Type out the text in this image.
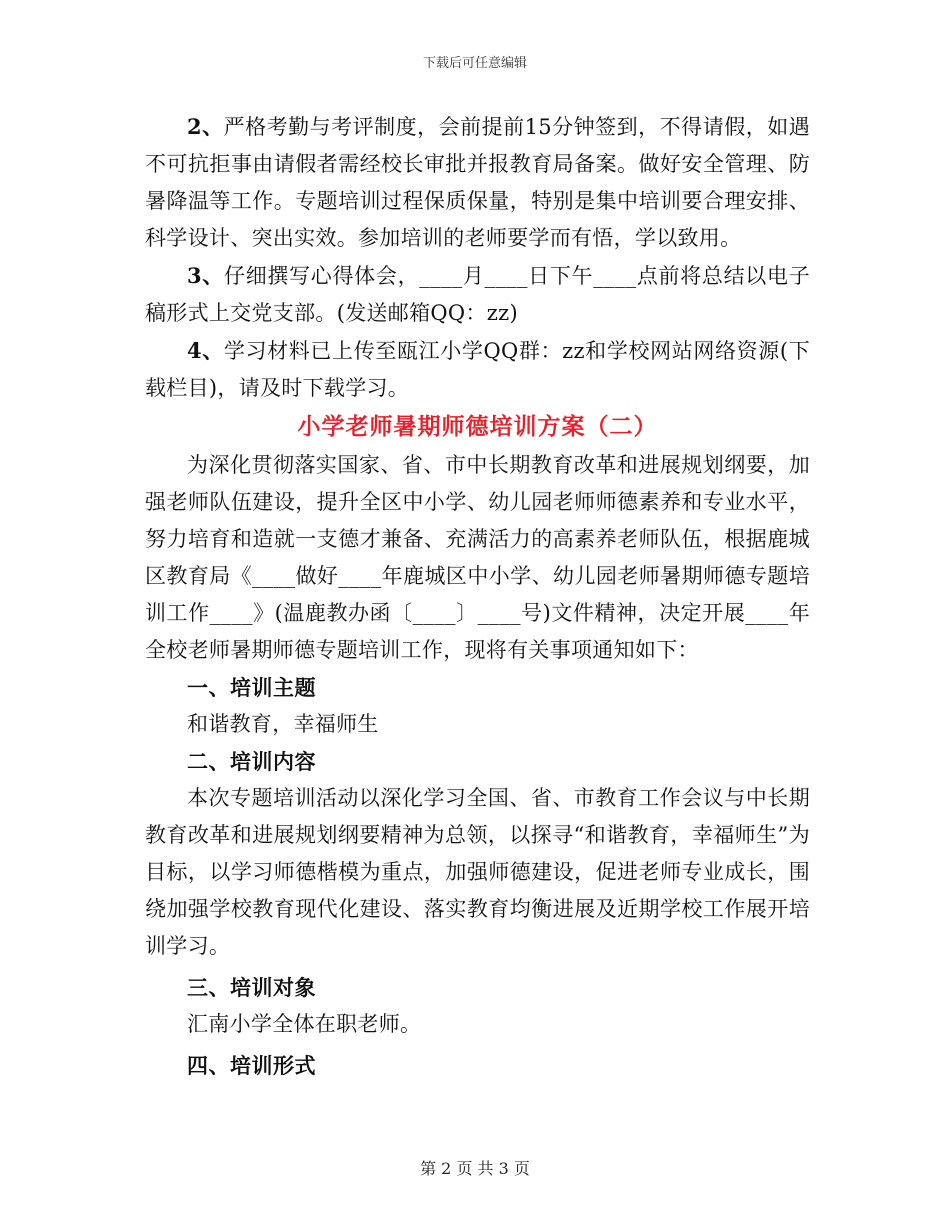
下载后可任意编辑

2、严格考勤与考评制度，会前提前15分钟签到，不得请假，如遇不可抗拒事由请假者需经校长审批并报教育局备案。做好安全管理、防暑降温等工作。专题培训过程保质保量，特别是集中培训要合理安排、科学设计、突出实效。参加培训的老师要学而有悟，学以致用。

3、仔细撰写心得体会，____月____日下午____点前将总结以电子稿形式上交党支部。(发送邮箱QQ：zz)

4、学习材料已上传至瓯江小学QQ群：zz和学校网站网络资源(下载栏目)，请及时下载学习。

小学老师暑期师德培训方案（二）

为深化贯彻落实国家、省、市中长期教育改革和进展规划纲要，加强老师队伍建设，提升全区中小学、幼儿园老师师德素养和专业水平，努力培育和造就一支德才兼备、充满活力的高素养老师队伍，根据鹿城区教育局《____做好____年鹿城区中小学、幼儿园老师暑期师德专题培训工作____》(温鹿教办函〔____〕____号)文件精神，决定开展____年全校老师暑期师德专题培训工作，现将有关事项通知如下：

一、培训主题

和谐教育，幸福师生

二、培训内容

本次专题培训活动以深化学习全国、省、市教育工作会议与中长期教育改革和进展规划纲要精神为总领，以探寻“和谐教育，幸福师生”为目标，以学习师德楷模为重点，加强师德建设，促进老师专业成长，围绕加强学校教育现代化建设、落实教育均衡进展及近期学校工作展开培训学习。

三、培训对象

汇南小学全体在职老师。

四、培训形式

第 2 页 共 3 页
